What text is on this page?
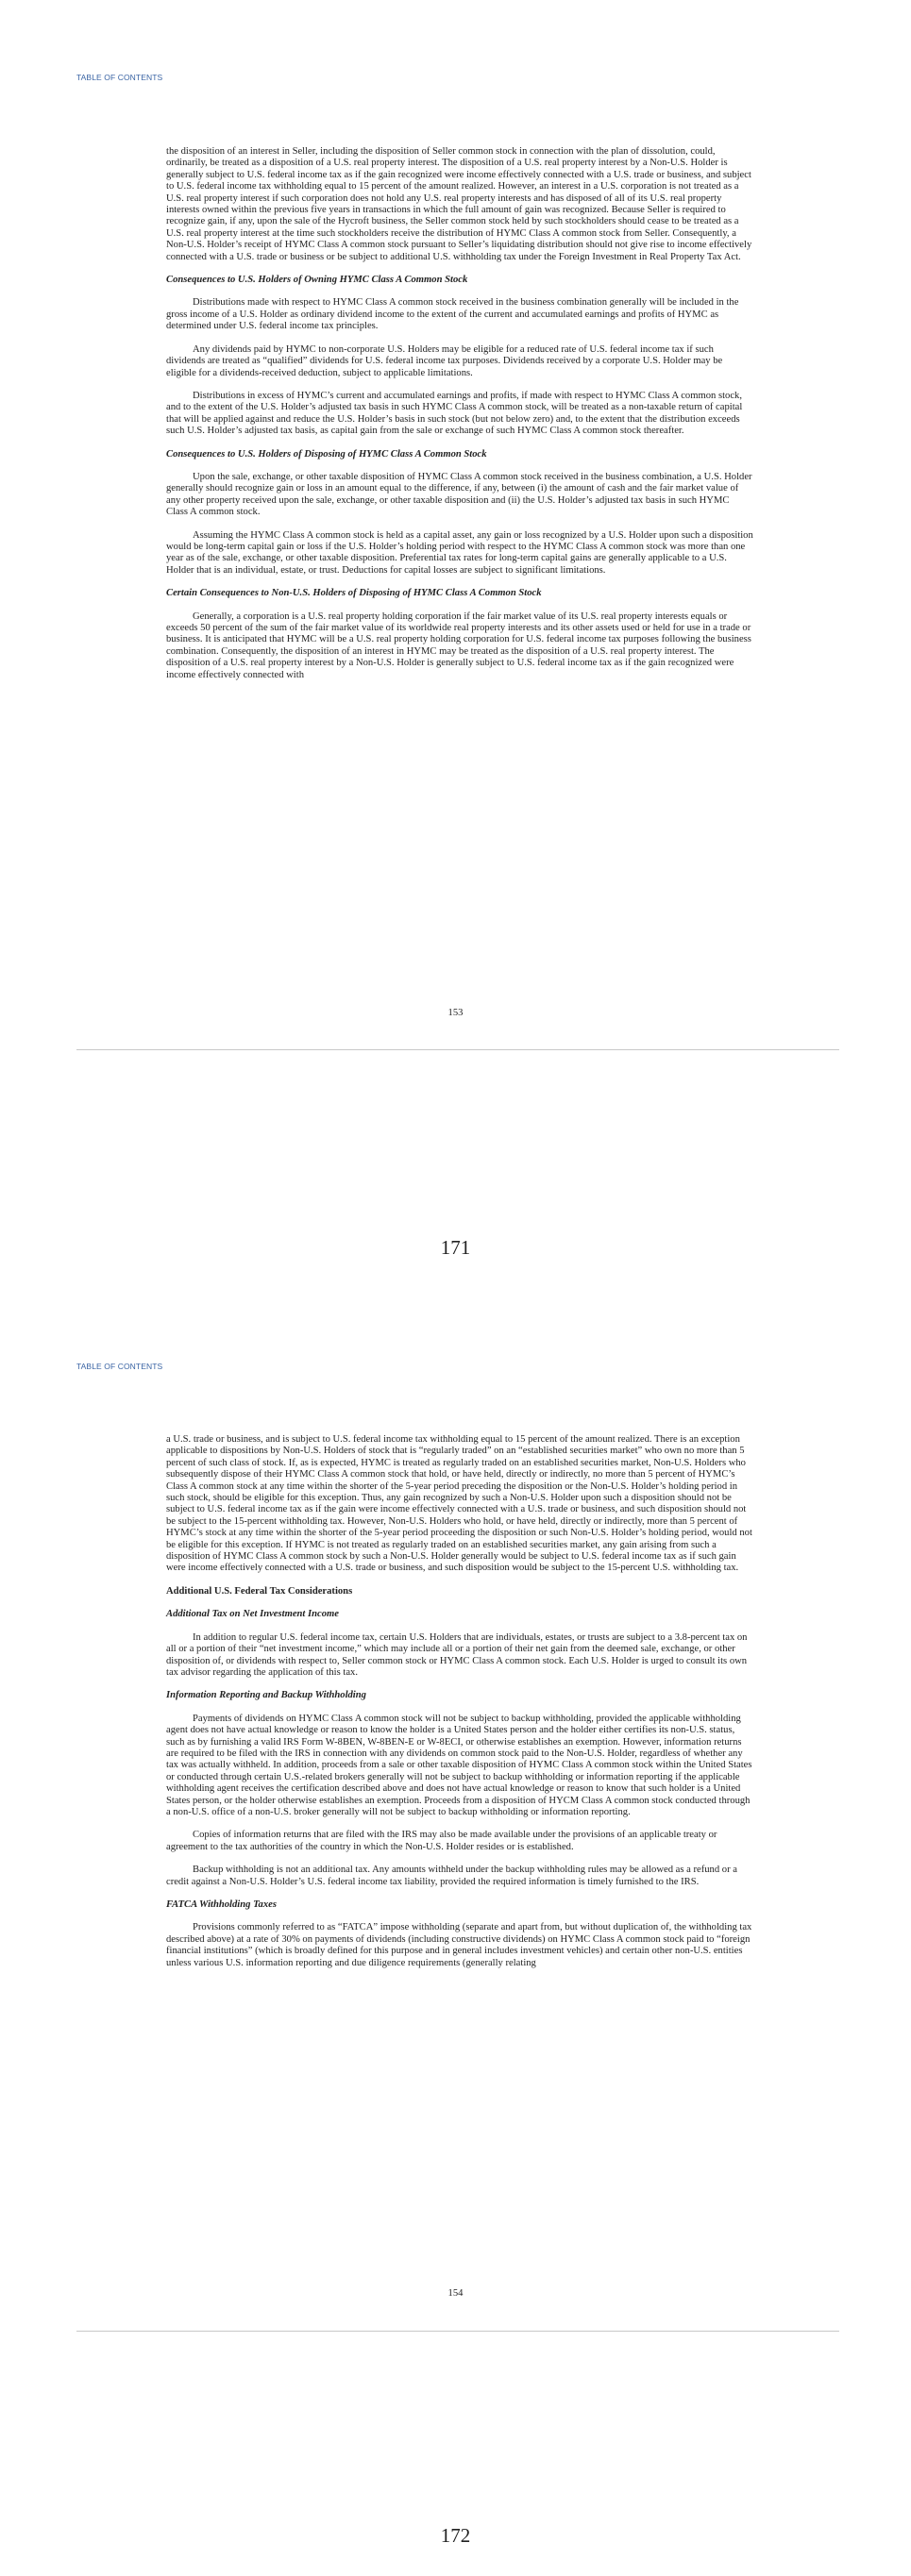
TABLE OF CONTENTS

the disposition of an interest in Seller, including the disposition of Seller common stock in connection with the plan of dissolution, could, ordinarily, be treated as a disposition of a U.S. real property interest. The disposition of a U.S. real property interest by a Non-U.S. Holder is generally subject to U.S. federal income tax as if the gain recognized were income effectively connected with a U.S. trade or business, and subject to U.S. federal income tax withholding equal to 15 percent of the amount realized. However, an interest in a U.S. corporation is not treated as a U.S. real property interest if such corporation does not hold any U.S. real property interests and has disposed of all of its U.S. real property interests owned within the previous five years in transactions in which the full amount of gain was recognized. Because Seller is required to recognize gain, if any, upon the sale of the Hycroft business, the Seller common stock held by such stockholders should cease to be treated as a U.S. real property interest at the time such stockholders receive the distribution of HYMC Class A common stock from Seller. Consequently, a Non-U.S. Holder’s receipt of HYMC Class A common stock pursuant to Seller’s liquidating distribution should not give rise to income effectively connected with a U.S. trade or business or be subject to additional U.S. withholding tax under the Foreign Investment in Real Property Tax Act.

Consequences to U.S. Holders of Owning HYMC Class A Common Stock

Distributions made with respect to HYMC Class A common stock received in the business combination generally will be included in the gross income of a U.S. Holder as ordinary dividend income to the extent of the current and accumulated earnings and profits of HYMC as determined under U.S. federal income tax principles.

Any dividends paid by HYMC to non-corporate U.S. Holders may be eligible for a reduced rate of U.S. federal income tax if such dividends are treated as “qualified” dividends for U.S. federal income tax purposes. Dividends received by a corporate U.S. Holder may be eligible for a dividends-received deduction, subject to applicable limitations.

Distributions in excess of HYMC’s current and accumulated earnings and profits, if made with respect to HYMC Class A common stock, and to the extent of the U.S. Holder’s adjusted tax basis in such HYMC Class A common stock, will be treated as a non-taxable return of capital that will be applied against and reduce the U.S. Holder’s basis in such stock (but not below zero) and, to the extent that the distribution exceeds such U.S. Holder’s adjusted tax basis, as capital gain from the sale or exchange of such HYMC Class A common stock thereafter.

Consequences to U.S. Holders of Disposing of HYMC Class A Common Stock

Upon the sale, exchange, or other taxable disposition of HYMC Class A common stock received in the business combination, a U.S. Holder generally should recognize gain or loss in an amount equal to the difference, if any, between (i) the amount of cash and the fair market value of any other property received upon the sale, exchange, or other taxable disposition and (ii) the U.S. Holder’s adjusted tax basis in such HYMC Class A common stock.

Assuming the HYMC Class A common stock is held as a capital asset, any gain or loss recognized by a U.S. Holder upon such a disposition would be long-term capital gain or loss if the U.S. Holder’s holding period with respect to the HYMC Class A common stock was more than one year as of the sale, exchange, or other taxable disposition. Preferential tax rates for long-term capital gains are generally applicable to a U.S. Holder that is an individual, estate, or trust. Deductions for capital losses are subject to significant limitations.

Certain Consequences to Non-U.S. Holders of Disposing of HYMC Class A Common Stock

Generally, a corporation is a U.S. real property holding corporation if the fair market value of its U.S. real property interests equals or exceeds 50 percent of the sum of the fair market value of its worldwide real property interests and its other assets used or held for use in a trade or business. It is anticipated that HYMC will be a U.S. real property holding corporation for U.S. federal income tax purposes following the business combination. Consequently, the disposition of an interest in HYMC may be treated as the disposition of a U.S. real property interest. The disposition of a U.S. real property interest by a Non-U.S. Holder is generally subject to U.S. federal income tax as if the gain recognized were income effectively connected with

153
171
TABLE OF CONTENTS

a U.S. trade or business, and is subject to U.S. federal income tax withholding equal to 15 percent of the amount realized. There is an exception applicable to dispositions by Non-U.S. Holders of stock that is “regularly traded” on an “established securities market” who own no more than 5 percent of such class of stock. If, as is expected, HYMC is treated as regularly traded on an established securities market, Non-U.S. Holders who subsequently dispose of their HYMC Class A common stock that hold, or have held, directly or indirectly, no more than 5 percent of HYMC’s Class A common stock at any time within the shorter of the 5-year period preceding the disposition or the Non-U.S. Holder’s holding period in such stock, should be eligible for this exception. Thus, any gain recognized by such a Non-U.S. Holder upon such a disposition should not be subject to U.S. federal income tax as if the gain were income effectively connected with a U.S. trade or business, and such disposition should not be subject to the 15-percent withholding tax. However, Non-U.S. Holders who hold, or have held, directly or indirectly, more than 5 percent of HYMC’s stock at any time within the shorter of the 5-year period proceeding the disposition or such Non-U.S. Holder’s holding period, would not be eligible for this exception. If HYMC is not treated as regularly traded on an established securities market, any gain arising from such a disposition of HYMC Class A common stock by such a Non-U.S. Holder generally would be subject to U.S. federal income tax as if such gain were income effectively connected with a U.S. trade or business, and such disposition would be subject to the 15-percent U.S. withholding tax.

Additional U.S. Federal Tax Considerations

Additional Tax on Net Investment Income

In addition to regular U.S. federal income tax, certain U.S. Holders that are individuals, estates, or trusts are subject to a 3.8-percent tax on all or a portion of their “net investment income,” which may include all or a portion of their net gain from the deemed sale, exchange, or other disposition of, or dividends with respect to, Seller common stock or HYMC Class A common stock. Each U.S. Holder is urged to consult its own tax advisor regarding the application of this tax.

Information Reporting and Backup Withholding

Payments of dividends on HYMC Class A common stock will not be subject to backup withholding, provided the applicable withholding agent does not have actual knowledge or reason to know the holder is a United States person and the holder either certifies its non-U.S. status, such as by furnishing a valid IRS Form W-8BEN, W-8BEN-E or W-8ECI, or otherwise establishes an exemption. However, information returns are required to be filed with the IRS in connection with any dividends on common stock paid to the Non-U.S. Holder, regardless of whether any tax was actually withheld. In addition, proceeds from a sale or other taxable disposition of HYMC Class A common stock within the United States or conducted through certain U.S.-related brokers generally will not be subject to backup withholding or information reporting if the applicable withholding agent receives the certification described above and does not have actual knowledge or reason to know that such holder is a United States person, or the holder otherwise establishes an exemption. Proceeds from a disposition of HYCM Class A common stock conducted through a non-U.S. office of a non-U.S. broker generally will not be subject to backup withholding or information reporting.

Copies of information returns that are filed with the IRS may also be made available under the provisions of an applicable treaty or agreement to the tax authorities of the country in which the Non-U.S. Holder resides or is established.

Backup withholding is not an additional tax. Any amounts withheld under the backup withholding rules may be allowed as a refund or a credit against a Non-U.S. Holder’s U.S. federal income tax liability, provided the required information is timely furnished to the IRS.

FATCA Withholding Taxes

Provisions commonly referred to as “FATCA” impose withholding (separate and apart from, but without duplication of, the withholding tax described above) at a rate of 30% on payments of dividends (including constructive dividends) on HYMC Class A common stock paid to “foreign financial institutions” (which is broadly defined for this purpose and in general includes investment vehicles) and certain other non-U.S. entities unless various U.S. information reporting and due diligence requirements (generally relating

154
172
